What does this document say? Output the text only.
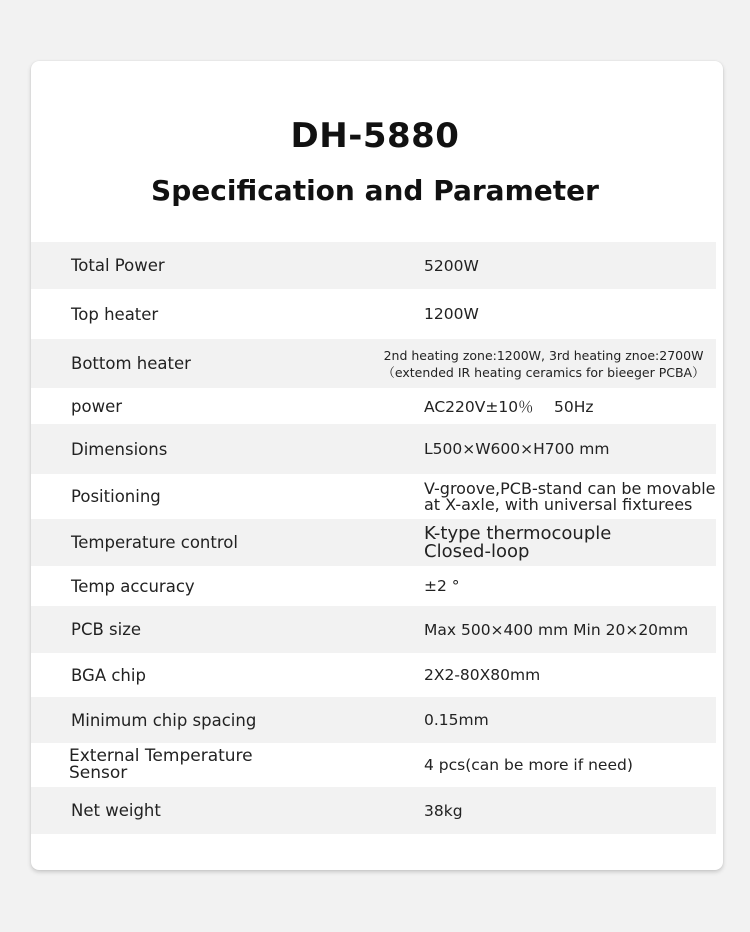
DH-5880
Specification and Parameter
Total Power	5200W
Top heater	1200W
Bottom heater	2nd heating zone:1200W, 3rd heating znoe:2700W
（extended IR heating ceramics for bieeger PCBA）
power	AC220V±10％　 50Hz
Dimensions	L500×W600×H700 mm
Positioning	V-groove,PCB-stand can be movable
at X-axle, with universal fixturees
Temperature control	K-type thermocouple
Closed-loop
Temp accuracy	±2 °
PCB size	Max 500×400 mm Min 20×20mm
BGA chip	2X2-80X80mm
Minimum chip spacing	0.15mm
External Temperature
Sensor	4 pcs(can be more if need)
Net weight	38kg
